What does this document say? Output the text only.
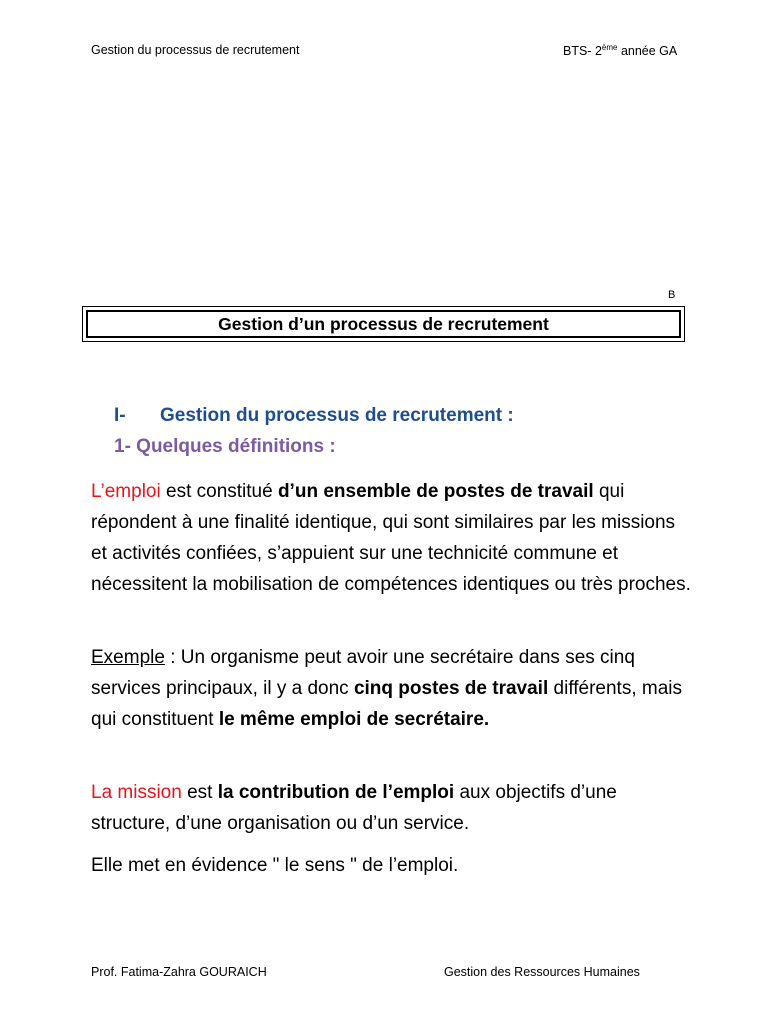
Gestion du processus de recrutement	BTS- 2ème année GA
B
Gestion d’un processus de recrutement
I- Gestion du processus de recrutement :
1- Quelques définitions :
L’emploi est constitué d’un ensemble de postes de travail qui répondent à une finalité identique, qui sont similaires par les missions et activités confiées, s’appuient sur une technicité commune et nécessitent la mobilisation de compétences identiques ou très proches.
Exemple : Un organisme peut avoir une secrétaire dans ses cinq services principaux, il y a donc cinq postes de travail différents, mais qui constituent le même emploi de secrétaire.
La mission est la contribution de l’emploi aux objectifs d’une structure, d’une organisation ou d’un service.
Elle met en évidence " le sens " de l’emploi.
Prof. Fatima-Zahra GOURAICH	Gestion des Ressources Humaines
